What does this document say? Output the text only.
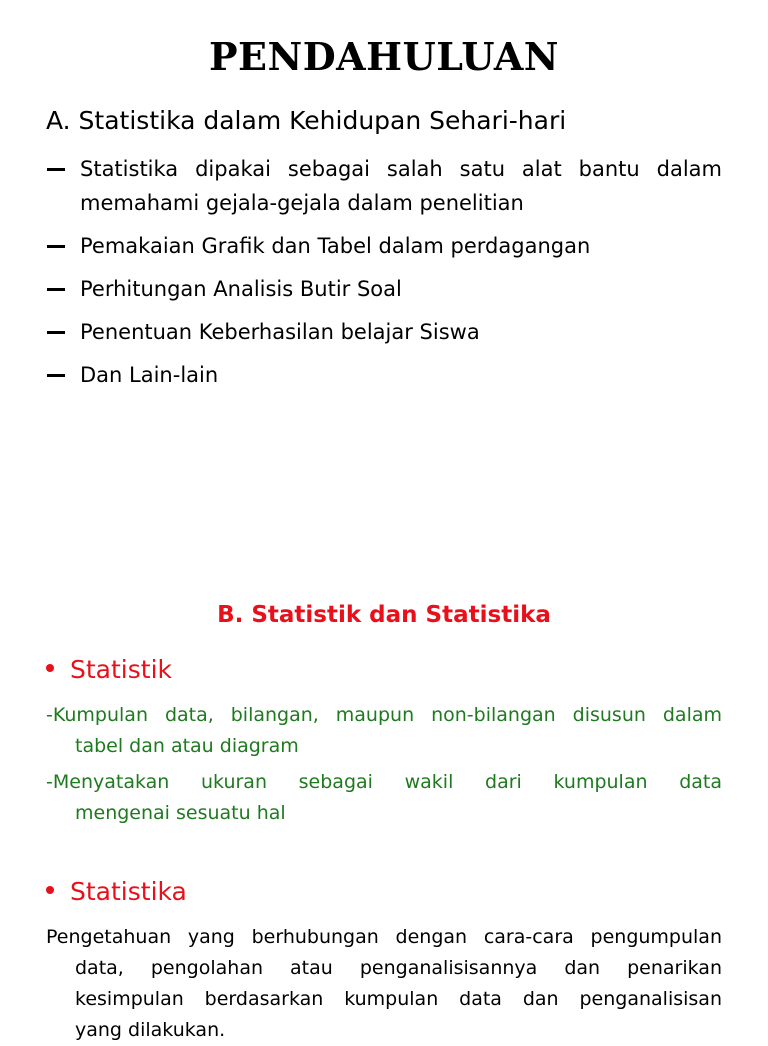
PENDAHULUAN
A. Statistika dalam Kehidupan Sehari-hari
Statistika dipakai sebagai salah satu alat bantu dalam memahami gejala-gejala dalam penelitian
Pemakaian Grafik dan Tabel dalam perdagangan
Perhitungan Analisis Butir Soal
Penentuan Keberhasilan belajar Siswa
Dan Lain-lain
B. Statistik dan Statistika
Statistik
-Kumpulan data, bilangan, maupun non-bilangan disusun dalam
tabel dan atau diagram
-Menyatakan ukuran sebagai wakil dari kumpulan data
mengenai sesuatu hal
Statistika
Pengetahuan yang berhubungan dengan cara-cara pengumpulan
data, pengolahan atau penganalisisannya dan penarikan
kesimpulan berdasarkan kumpulan data dan penganalisisan
yang dilakukan.
